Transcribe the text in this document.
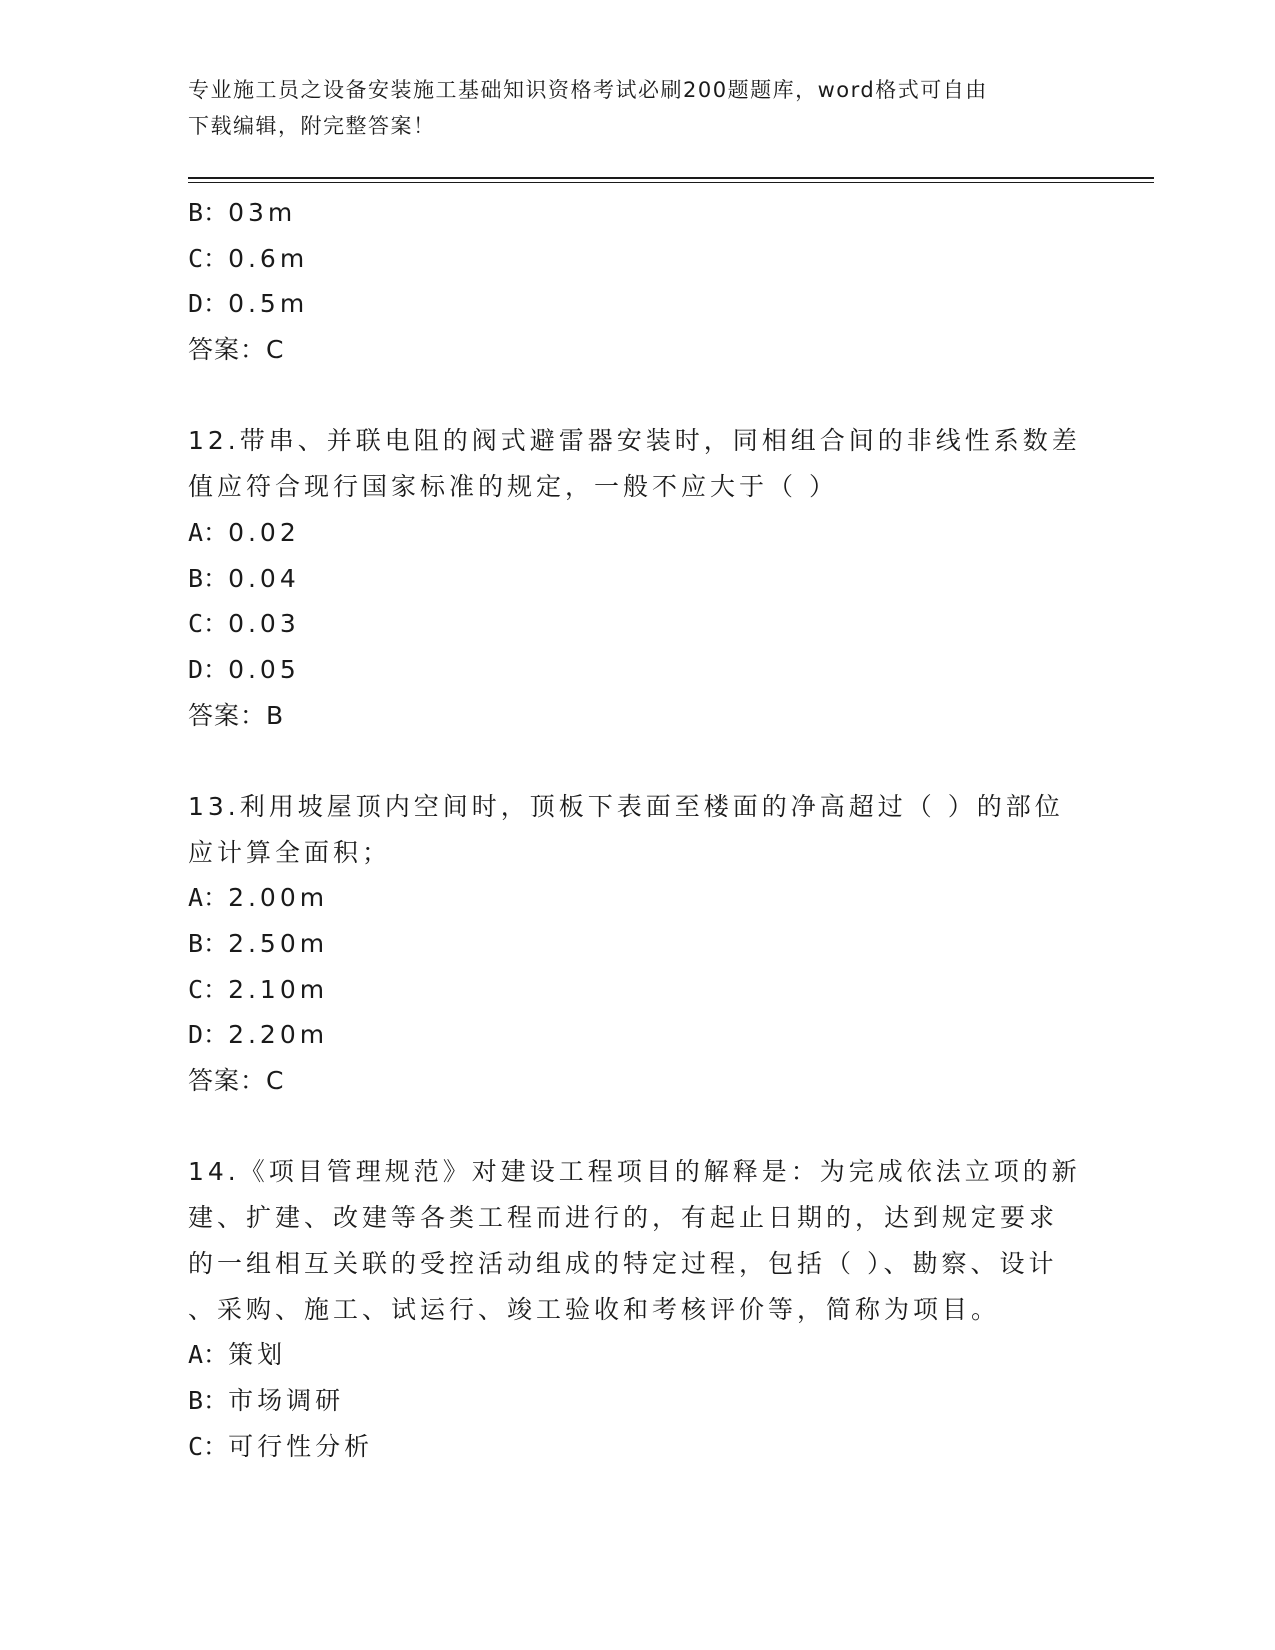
专业施工员之设备安装施工基础知识资格考试必刷200题题库，word格式可自由
下载编辑，附完整答案！
B：03m
C：0.6m
D：0.5m
答案：C
12.带串、并联电阻的阀式避雷器安装时，同相组合间的非线性系数差
值应符合现行国家标准的规定，一般不应大于（ ）
A：0.02
B：0.04
C：0.03
D：0.05
答案：B
13.利用坡屋顶内空间时，顶板下表面至楼面的净高超过（ ）的部位
应计算全面积；
A：2.00m
B：2.50m
C：2.10m
D：2.20m
答案：C
14.《项目管理规范》对建设工程项目的解释是：为完成依法立项的新
建、扩建、改建等各类工程而进行的，有起止日期的，达到规定要求
的一组相互关联的受控活动组成的特定过程，包括（ ）、勘察、设计
、采购、施工、试运行、竣工验收和考核评价等，简称为项目。
A：策划
B：市场调研
C：可行性分析
